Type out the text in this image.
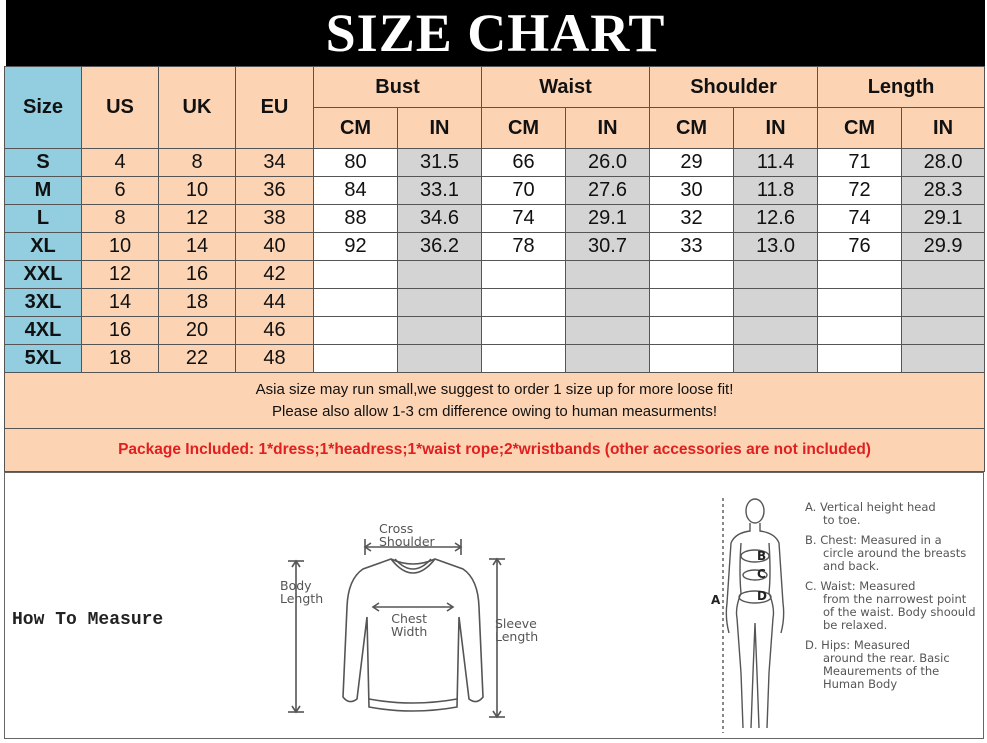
SIZE CHART
Size	US	UK	EU	Bust		Waist		Shoulder		Length	
				CM	IN	CM	IN	CM	IN	CM	IN
S	4	8	34	80	31.5	66	26.0	29	11.4	71	28.0
M	6	10	36	84	33.1	70	27.6	30	11.8	72	28.3
L	8	12	38	88	34.6	74	29.1	32	12.6	74	29.1
XL	10	14	40	92	36.2	78	30.7	33	13.0	76	29.9
XXL	12	16	42								
3XL	14	18	44								
4XL	16	20	46								
5XL	18	22	48								

Asia size may run small,we suggest to order 1 size up for more loose fit!
Please also allow 1-3 cm difference owing to human measurments!											

Package Included: 1*dress;1*headress;1*waist rope;2*wristbands (other accessories are not included)											
How To Measure
Cross
Shoulder
Body
Length
Chest
Width
Sleeve
Length
B
C
D
A

A. Vertical height head
to toe.

B. Chest: Measured in a
circle around the breasts and back.

C. Waist: Measured
from the narrowest point of the waist. Body shoould be relaxed.

D. Hips: Measured
around the rear. Basic Meaurements of the Human Body
